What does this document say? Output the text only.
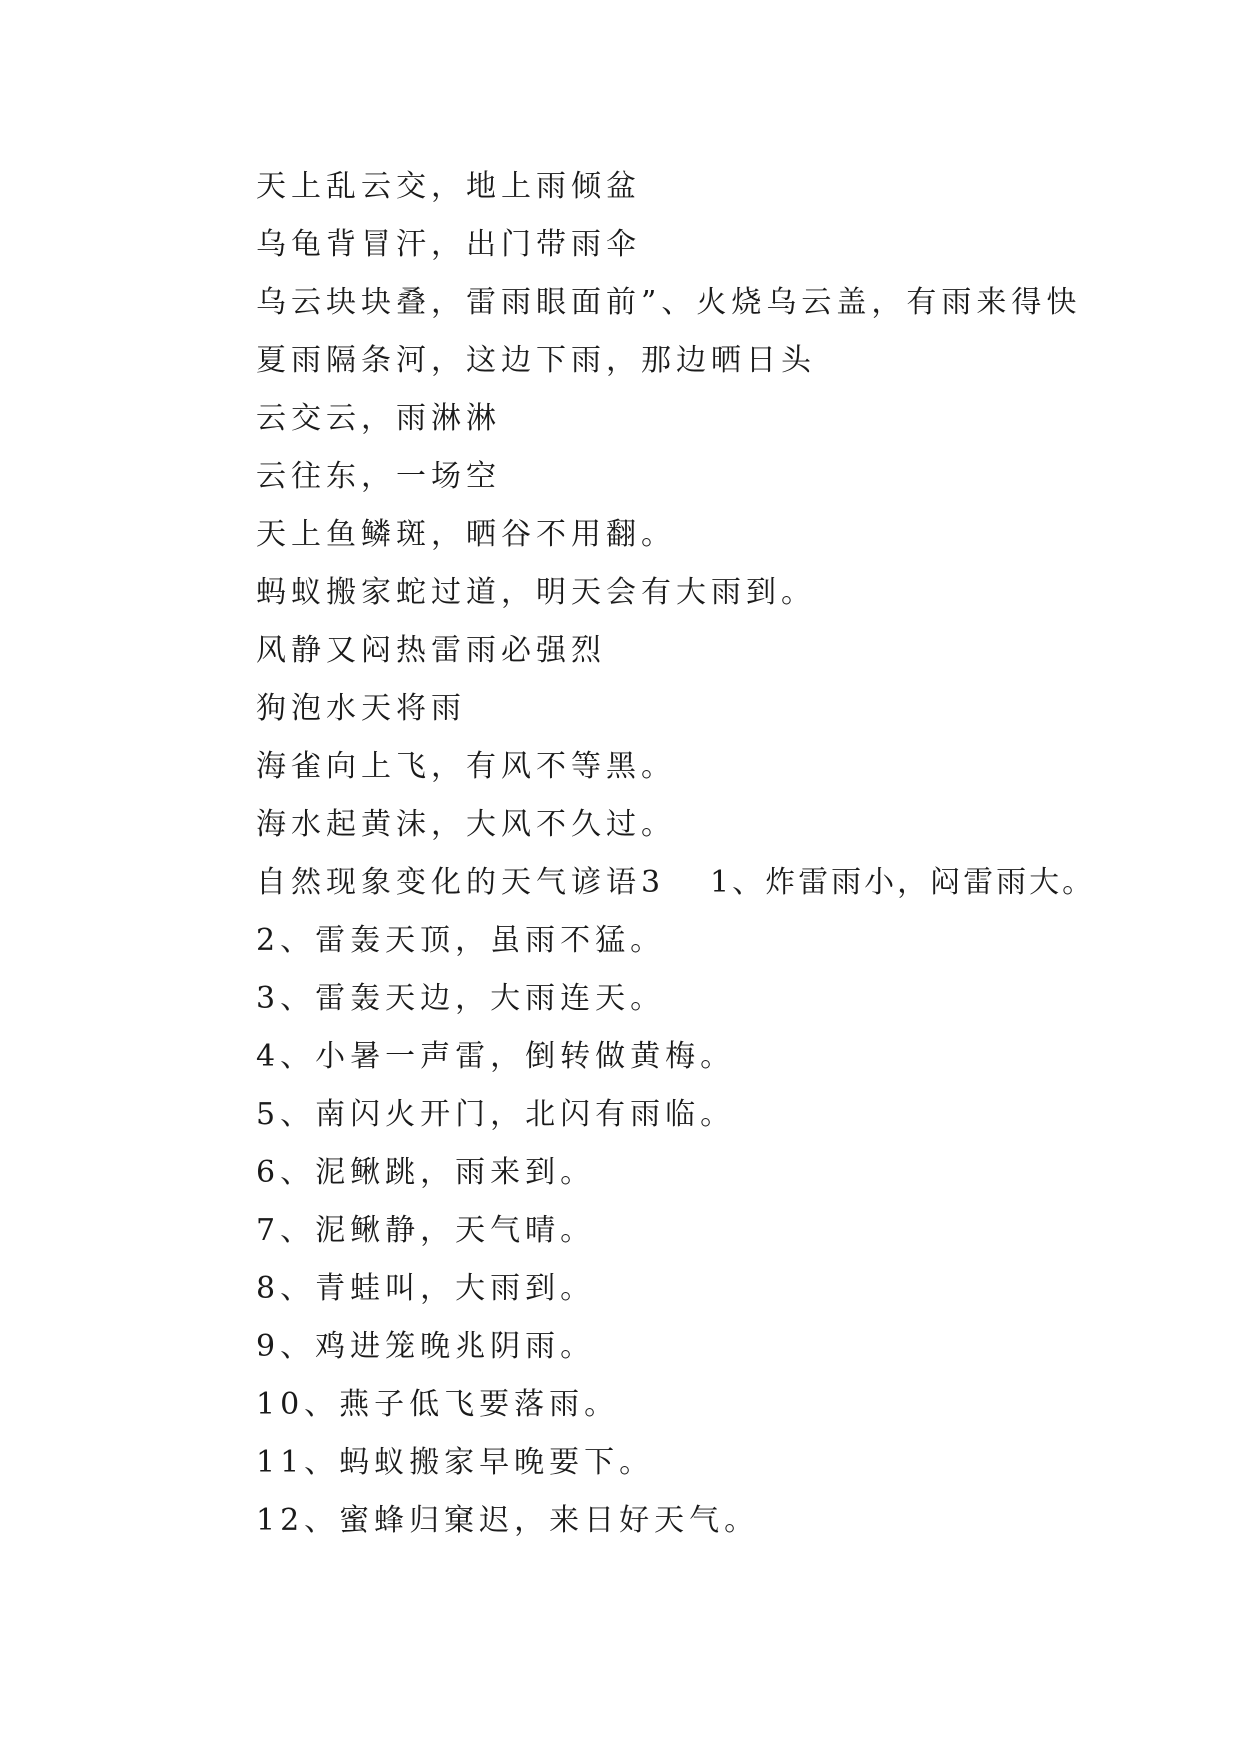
天上乱云交，地上雨倾盆
乌龟背冒汗，出门带雨伞
乌云块块叠，雷雨眼面前”、火烧乌云盖，有雨来得快
夏雨隔条河，这边下雨，那边晒日头
云交云，雨淋淋
云往东，一场空
天上鱼鳞斑，晒谷不用翻。
蚂蚁搬家蛇过道，明天会有大雨到。
风静又闷热雷雨必强烈
狗泡水天将雨
海雀向上飞，有风不等黑。
海水起黄沫，大风不久过。
自然现象变化的天气谚语3 1、炸雷雨小，闷雷雨大。
2、雷轰天顶，虽雨不猛。
3、雷轰天边，大雨连天。
4、小暑一声雷，倒转做黄梅。
5、南闪火开门，北闪有雨临。
6、泥鳅跳，雨来到。
7、泥鳅静，天气晴。
8、青蛙叫，大雨到。
9、鸡进笼晚兆阴雨。
10、燕子低飞要落雨。
11、蚂蚁搬家早晚要下。
12、蜜蜂归窠迟，来日好天气。
